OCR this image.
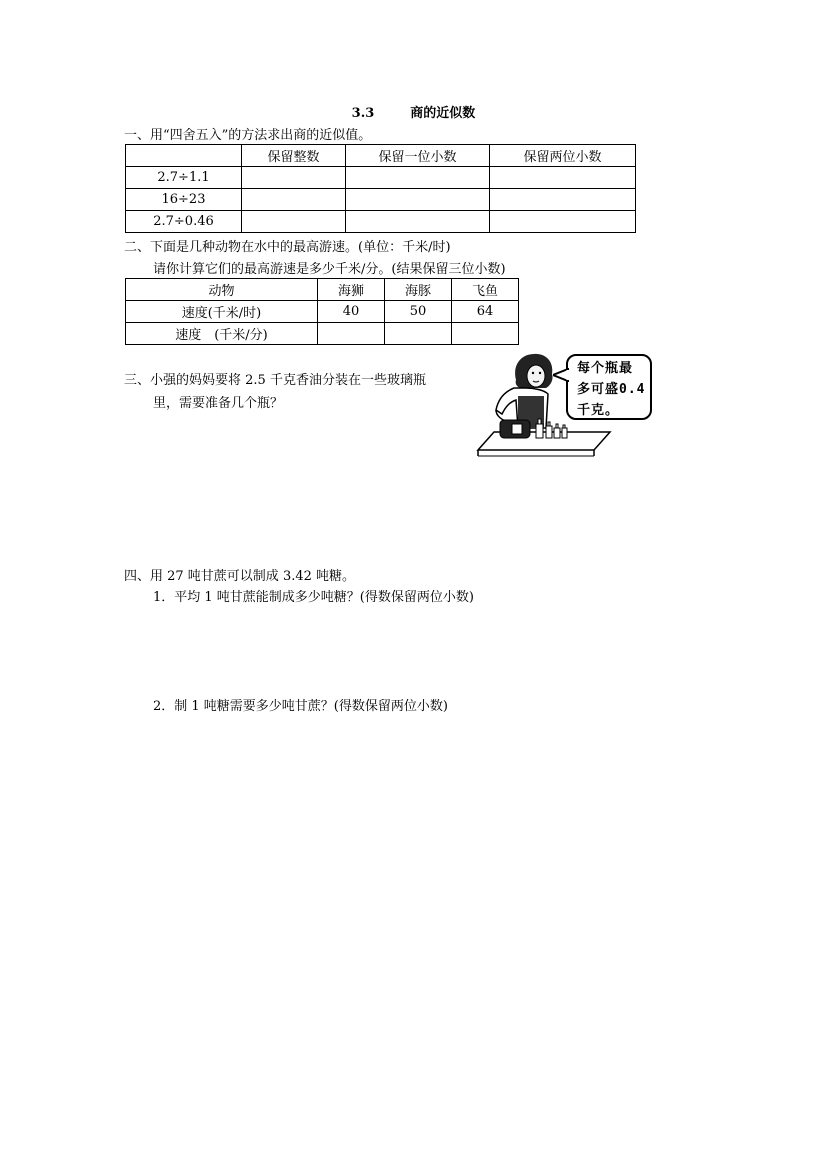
3.3	商的近似数
一、用“四舍五入”的方法求出商的近似值。
	保留整数	保留一位小数	保留两位小数
2.7÷1.1			
16÷23			
2.7÷0.46			
二、下面是几种动物在水中的最高游速。(单位：千米/时)
请你计算它们的最高游速是多少千米/分。(结果保留三位小数)
动物	海狮	海豚	飞鱼
速度(千米/时)	40	50	64
速度　(千米/分)			
三、小强的妈妈要将 2.5 千克香油分装在一些玻璃瓶
里，需要准备几个瓶？
每个瓶最
多可盛0.4
千克。
四、用 27 吨甘蔗可以制成 3.42 吨糖。
1．平均 1 吨甘蔗能制成多少吨糖？(得数保留两位小数)
2．制 1 吨糖需要多少吨甘蔗？(得数保留两位小数)
